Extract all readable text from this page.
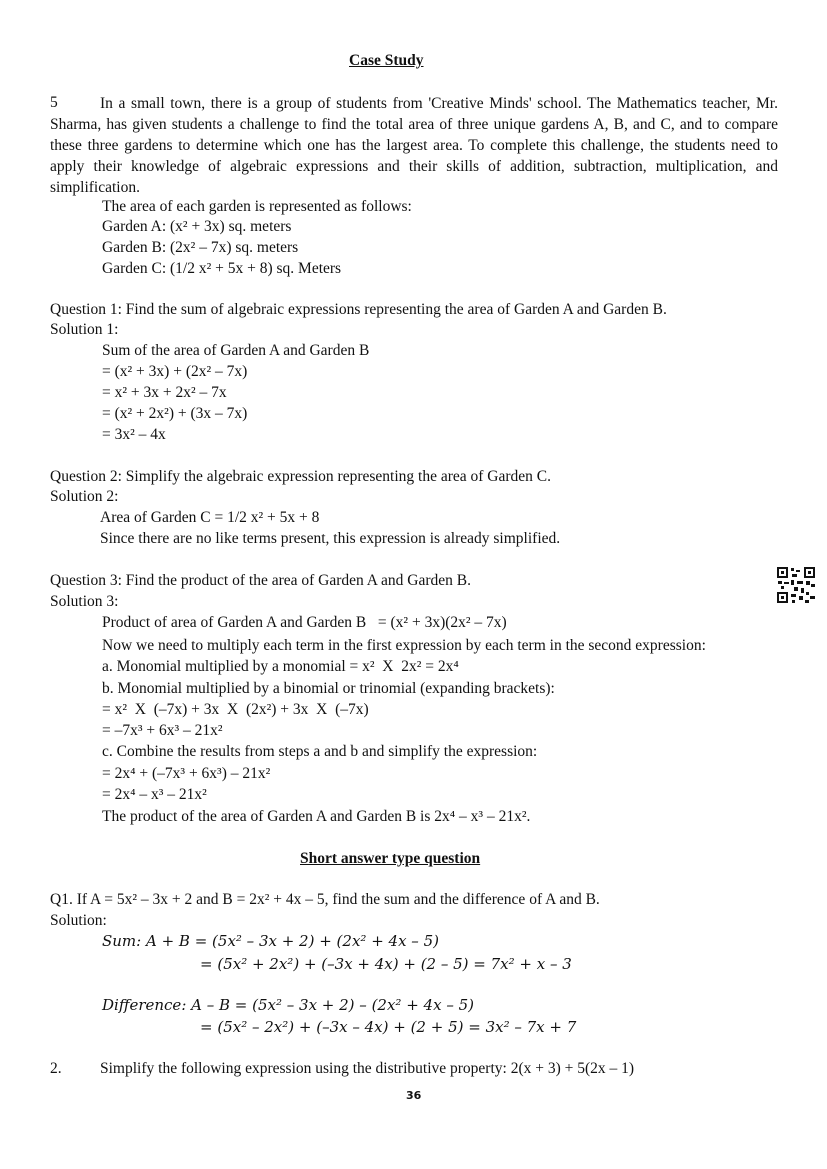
Case Study
5	In a small town, there is a group of students from 'Creative Minds' school. The Mathematics teacher, Mr. Sharma, has given students a challenge to find the total area of three unique gardens A, B, and C, and to compare these three gardens to determine which one has the largest area. To complete this challenge, the students need to apply their knowledge of algebraic expressions and their skills of addition, subtraction, multiplication, and simplification.
The area of each garden is represented as follows:
Garden A: (x² + 3x) sq. meters
Garden B: (2x² – 7x) sq. meters
Garden C: (1/2 x² + 5x + 8) sq. Meters
Question 1: Find the sum of algebraic expressions representing the area of Garden A and Garden B.
Solution 1:
Sum of the area of Garden A and Garden B
= (x² + 3x) + (2x² – 7x)
= x² + 3x + 2x² – 7x
= (x² + 2x²) + (3x – 7x)
= 3x² – 4x
Question 2: Simplify the algebraic expression representing the area of Garden C.
Solution 2:
Area of Garden C = 1/2 x² + 5x + 8
Since there are no like terms present, this expression is already simplified.
Question 3: Find the product of the area of Garden A and Garden B.
Solution 3:
Product of area of Garden A and Garden B   = (x² + 3x)(2x² – 7x)
Now we need to multiply each term in the first expression by each term in the second expression:
a. Monomial multiplied by a monomial = x²  X  2x² = 2x⁴
b. Monomial multiplied by a binomial or trinomial (expanding brackets):
= x²  X  (–7x) + 3x  X  (2x²) + 3x  X  (–7x)
= –7x³ + 6x³ – 21x²
c. Combine the results from steps a and b and simplify the expression:
= 2x⁴ + (–7x³ + 6x³) – 21x²
= 2x⁴ – x³ – 21x²
The product of the area of Garden A and Garden B is 2x⁴ – x³ – 21x².
Short answer type question
Q1. If A = 5x² – 3x + 2 and B = 2x² + 4x – 5, find the sum and the difference of A and B.
Solution:
Sum: A + B = (5x² – 3x + 2) + (2x² + 4x – 5)
= (5x² + 2x²) + (–3x + 4x) + (2 – 5) = 7x² + x – 3
Difference: A – B = (5x² – 3x + 2) – (2x² + 4x – 5)
= (5x² – 2x²) + (–3x – 4x) + (2 + 5) = 3x² – 7x + 7
2. Simplify the following expression using the distributive property: 2(x + 3) + 5(2x – 1)
36
